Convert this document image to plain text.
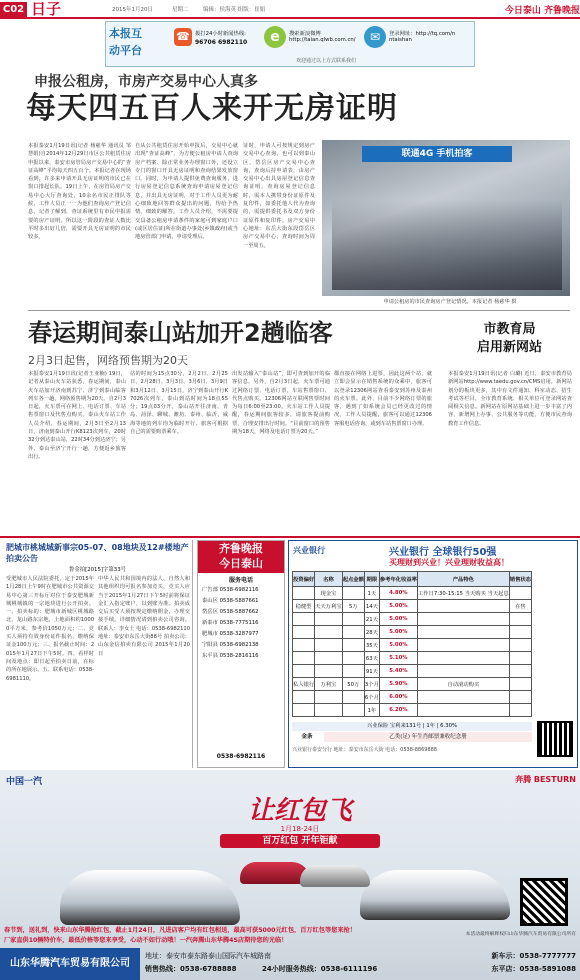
C02 日子	2015年1月20日	星期二	编辑：侯海英 组版：崔娟	今日泰山 齐鲁晚报
本报互
动平台
☎ 拨打24小时新闻热线:
96706 6982110	e	搜索新浪微博
http://taian.qlwb.com.cn/	✉	登录网址：http://tq.com/n
ntaishan
欢迎通过以上方式联系我们
申报公租房，市房产交易中心人真多
每天四五百人来开无房证明
本报泰安1月19日讯(记者 杨慈华 通讯员 邹慧娟)自2014年12月29日市区公共租赁住房申报以来，泰安市房管局房产交易中心的“查证高峰”平均每天四五百个。本报记者在现场看到，许多来申请开具无房证明的市民已在窗口排起长队。19日上午，在房管局房产交易中心大厅查询处，10余名市民正排队等候，工作人员正一一为他们查询房产登记信息，记者了解到，查证系统里有市民申报需要的房产证明，所以这一阶段的查证人数比平时多出好几倍，需要开具无房证明的市民较多。
自从公共租赁住房开始申报后，交易中心就出现“查证高峰”，为方便公租房申请人查询房产档案、除正常业务办理窗口外，还设立专门的窗口开具无房证明和查询结果发放窗口。同时，为申请人提供免费查询服务，进行房屋登记信息系统查询申请房屋登记信息，并出具无房证明，对于工作人员更为耐心细致地回答群众提出的问题，均给予热情、细致的解答。工作人员介绍，不需要提交具备公租房申请条件的家庭可到家庭户口(或区居住证)所在街道办事处(乡镇政府)或当地房管部门申请，申请受理后。
证时，申请人可按规定到房产交易中心查询，也可以到泰山区、岱岳区房产交易中心查询，查询后持申请表，由房产交易中心出具房屋登记信息查询证明。查询房屋登记信息时，需本人携带身份证原件及复印件，如委托他人代为查询的，需提供委托书及双方身份证原件和复印件。房产交易中心地址：东岳大街东段岱岳区房产交易中心，查询时间为周一至周五。
联通4G 手机拍客
申请公租房的市民查询房产登记情况。本报记者 杨慈华 摄
春运期间泰山站加开2趟临客
2月3日起售，网络预售期为20天
本报泰安1月19日讯(记者王亚楠) 19日，记者从泰山火车站获悉，春运期间，泰山火车站加开济南到苏宁、济宁到泰山临客列车各一趟，网络预售期为20天。自2月3日起，火车票可在网上、电话订票、车站售票窗口及代售点购买。泰山火车站工作人员介绍，春运期间，2月3日至2月13日，济南到泰山开行K8123次列车，20时32分到达泰山站，22时34分到达济宁；另外，泰山至济宁开行一趟，方便返乡旅客出行。
站的时间为15点30分，2月2日、2月25日、2月28日、3月3日、3月6日、3月9日和3月12日、3月15日，济宁到泰山开行K7026次列车，泰山到站时间为18点55分；19点03分开，泰山站开往济南、青岛、菏泽、聊城、潍坊、泰州、临沂、威海等地的列车均为临时开行，旅客可根据自己的需要购票乘车。
出发站输入“泰山站”，即可查到加开的临客信息。另外，自2月3日起，火车票可通过网络订票、电话订票、车站售票窗口、代售点购买。12306网站互联网售票时间为每日6:00至23:00。火车站工作人员提醒，春运期间旅客较多，请旅客提前购票，合理安排出行时间。“目前窗口的预售期为18天，网络及电话订票为20天。”
都直接在网络上进票，因此这两个站，就立即会显示在销售系统的众乘中，旅客可以登录12306网站查看泰安到苏州及泰州的火车票。此外，目前不少网络订票的旅客，遇到了如系统会员已经更改过的情况，工作人员提醒，旅客可以通过12306客服电话咨询，或到车站售票窗口办理。
市教育局
启用新网站
本报泰安1月19日讯(记者 白璐) 近日，泰安市教育局新网站http://www.taedu.gov.cn/CMS启用，新网站划分的板块更多，其中有文件通知、科室动态、招生考试等栏目，全市教育系统、相关单位可登录网站查阅相关信息。新网站在原网站基础上进一步丰富了内容，新增网上办事、公共服务等功能，方便市民查询教育工作信息。
肥城市桃城城新事宗05-07、08地块及12#楼地产拍卖公告
鲁金拍[2015]字第33号
受肥城市人民法院委托，定于2015年1月28日上午9时在肥城市公共资源交易中心第三开标厅对位于泰安肥城新城桃城镇的一宗地块进行公开拍卖。一、拍卖标的：肥城市新城区桃城路北、龙山路东宗地，土地面积约10000平方米，参考价1050万元；二、竞买人须持有效身份证件报名，缴纳保证金100万元；三、报名截止时间：2015年1月27日下午5时。四、看样时间及地点：即日起至拍卖日前，在标的所在地展示。五、联系电话：0538-6981110。
中华人民共和国境内的法人、自然人和其他组织均可报名参加竞买，竞买人应当于2015年1月27日下午5时前将保证金汇入指定账户，以到账为准。拍卖成交后买受人须按规定缴纳佣金，办理交接手续。详细情况请到拍卖公司咨询。联系人：李女士 电话：0538-6982110 地址：泰安市东岳大街88号 拍卖公司：山东金信拍卖有限公司 2015年1月20日
齐鲁晚报
今日泰山
服务电话
广告部 0538-6982116
泰山区 0538-5887661
岱岳区 0538-5887662
新泰市 0538-7775116
肥城市 0538-3287977
宁阳县 0538-6982138
东平县 0538-2816116
0538-6982116
兴业银行	兴业银行 全球银行50强
买理财到兴业！兴业理财收益高！
投资偏好	名称	起点金额	期限	参考年化收益率	产品特色	销售状态
	现金宝		1天	4.80%	工作日7:30-15:15 当天购买 当天起息	
稳健型	天天万利宝	5万	14天	5.00%		在售
			21天	5.00%		
			28天	5.00%		
			35天	5.00%		
			63天	5.10%		
			91天	5.40%		
私人银行	万利宝	50万	3个月	5.90%	自动滚动购买	
			6个月	6.00%		
			1年	6.20%		
兴业保险 宝利来131号 | 1年 | 6.30%
金条	乙类(足) 年生肖邮票兼收纪念册
兴业银行泰安分行 地址：泰安市东岳大街 电话：0538-8869888
中国一汽	奔腾 BESTURN
让红包飞
1月18-24日
百万红包 开年钜献
本活动最终解释权归山东华腾汽车贸易有限公司所有
春节到，送礼到，快来山东华腾抢红包，截止1月24日，凡进店客户均有红包相送，最高可获5000元红包，百万红包等您来抢！
厂家直供10辆特价车，最低价格等您来享受，心动不如行动哦！一汽奔腾山东华腾4S店期待您的光临！
山东华腾汽车贸易有限公司
地址：泰安市泰东路泰山国际汽车城路南
销售热线：0538-6788888	24小时服务热线：0538-6111196
新车示：0538-7777777
东平店：0538-5891088
